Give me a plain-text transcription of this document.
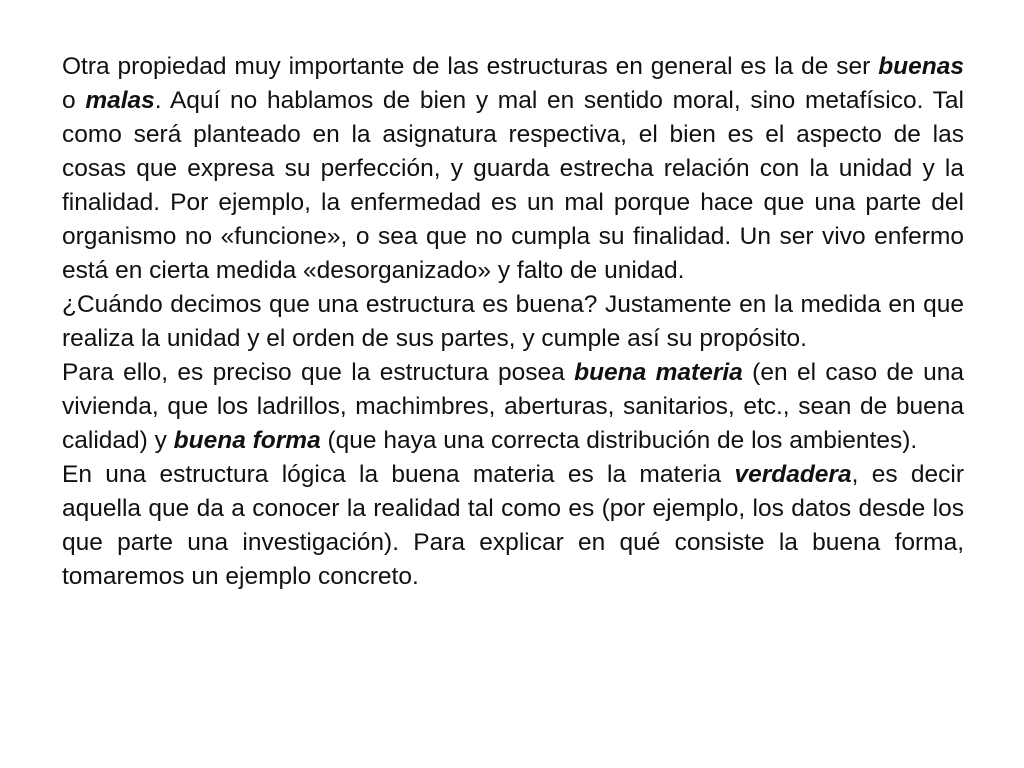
Otra propiedad muy importante de las estructuras en general es la de ser buenas o malas. Aquí no hablamos de bien y mal en sentido moral, sino metafísico. Tal como será planteado en la asignatura respectiva, el bien es el aspecto de las cosas que expresa su perfección, y guarda estrecha relación con la unidad y la finalidad. Por ejemplo, la enfermedad es un mal porque hace que una parte del organismo no «funcione», o sea que no cumpla su finalidad. Un ser vivo enfermo está en cierta medida «desorganizado» y falto de unidad.

¿Cuándo decimos que una estructura es buena? Justamente en la medida en que realiza la unidad y el orden de sus partes, y cumple así su propósito.

Para ello, es preciso que la estructura posea buena materia (en el caso de una vivienda, que los ladrillos, machimbres, aberturas, sanitarios, etc., sean de buena calidad) y buena forma (que haya una correcta distribución de los ambientes).

En una estructura lógica la buena materia es la materia verdadera, es decir aquella que da a conocer la realidad tal como es (por ejemplo, los datos desde los que parte una investigación). Para explicar en qué consiste la buena forma, tomaremos un ejemplo concreto.
